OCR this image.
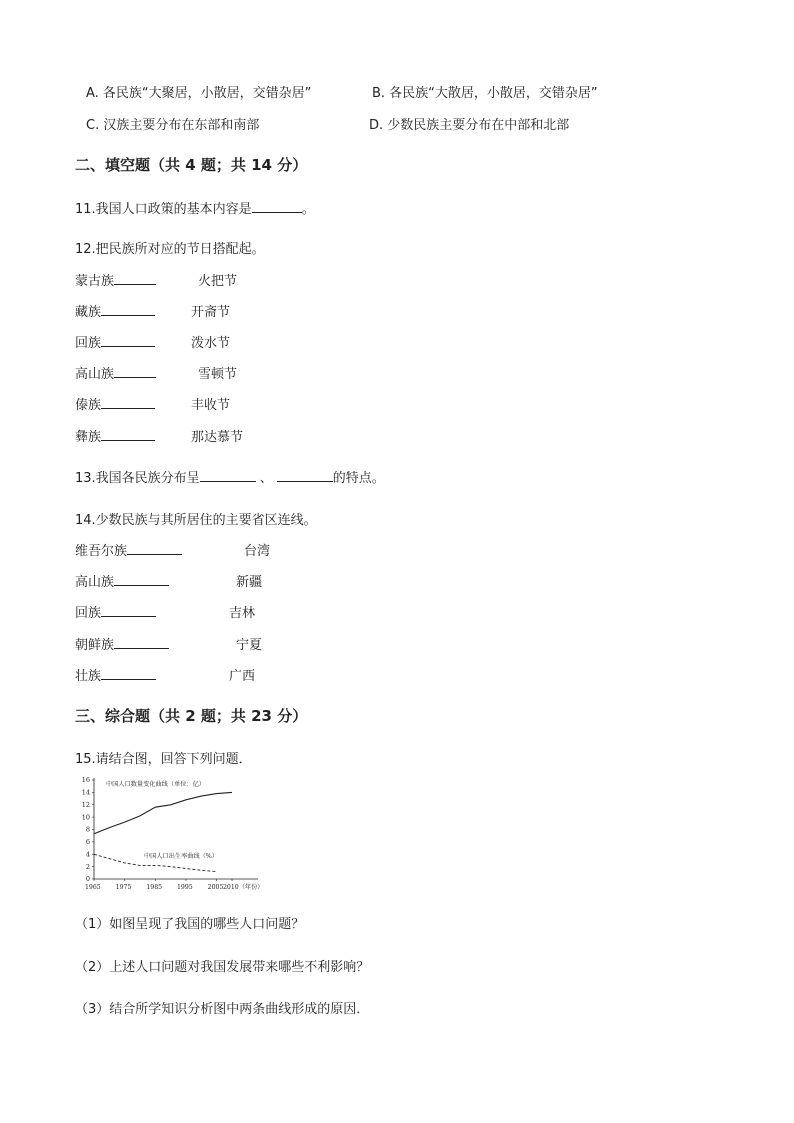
A. 各民族“大聚居，小散居，交错杂居”	B. 各民族“大散居，小散居，交错杂居”
C. 汉族主要分布在东部和南部	D. 少数民族主要分布在中部和北部
二、填空题（共 4 题；共 14 分）
11.我国人口政策的基本内容是	。
12.把民族所对应的节日搭配起。
蒙古族	火把节
藏族	开斋节
回族	泼水节
高山族	雪顿节
傣族	丰收节
彝族	那达慕节
13.我国各民族分布呈	、	的特点。
14.少数民族与其所居住的主要省区连线。
维吾尔族	台湾
高山族	新疆
回族	吉林
朝鲜族	宁夏
壮族	广西
三、综合题（共 2 题；共 23 分）
15.请结合图，回答下列问题．
0
2
4
6
8
10
12
14
16
1965 1975 1985 1995 2005 2010（年份）
中国人口数量变化曲线（单位：亿）
中国人口出生率曲线（%）
（1）如图呈现了我国的哪些人口问题？
（2）上述人口问题对我国发展带来哪些不利影响？
（3）结合所学知识分析图中两条曲线形成的原因．
